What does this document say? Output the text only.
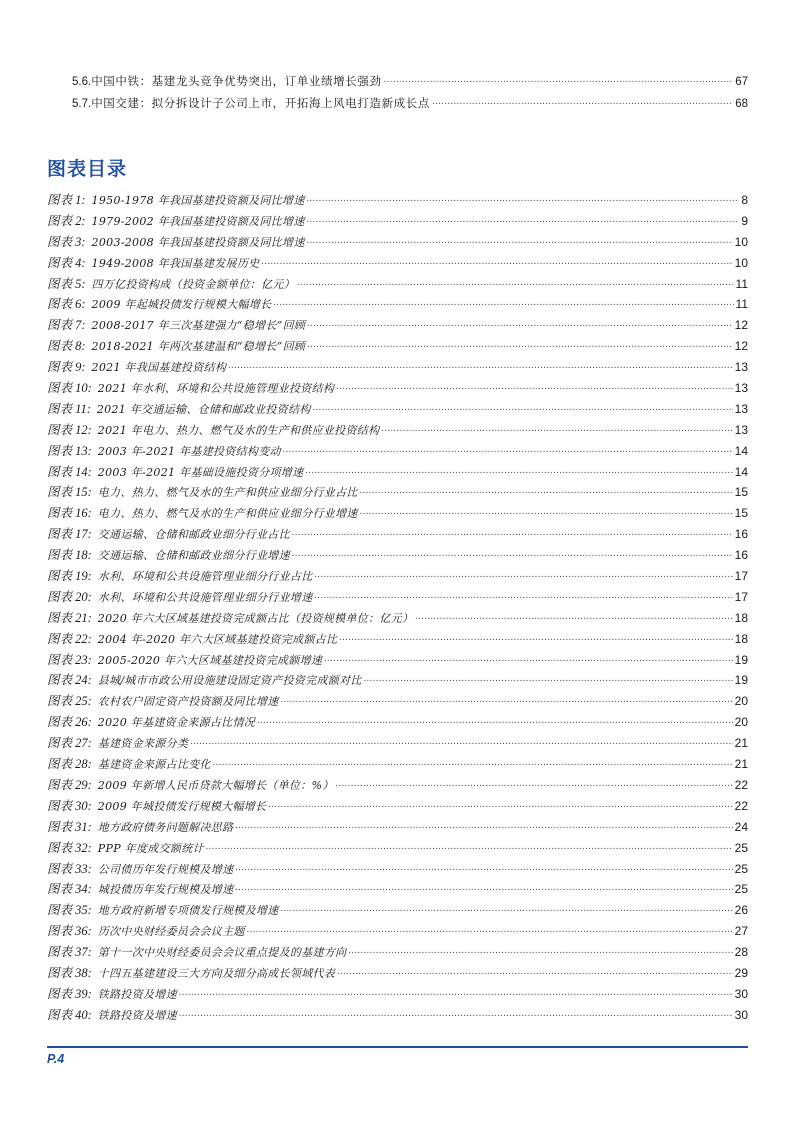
5.6. 中国中铁：基建龙头竞争优势突出，订单业绩增长强劲 .....	67
5.7. 中国交建：拟分拆设计子公司上市，开拓海上风电打造新成长点 .....	68
图表目录
图表 1: 1950-1978 年我国基建投资额及同比增速 .....	8
图表 2: 1979-2002 年我国基建投资额及同比增速 .....	9
图表 3: 2003-2008 年我国基建投资额及同比增速 .....	10
图表 4: 1949-2008 年我国基建发展历史 .....	10
图表 5: 四万亿投资构成（投资金额单位：亿元） .....	11
图表 6: 2009 年起城投债发行规模大幅增长 .....	11
图表 7: 2008-2017 年三次基建强力“稳增长”回顾 .....	12
图表 8: 2018-2021 年两次基建温和“稳增长”回顾 .....	12
图表 9: 2021 年我国基建投资结构 .....	13
图表 10: 2021 年水利、环境和公共设施管理业投资结构 .....	13
图表 11: 2021 年交通运输、仓储和邮政业投资结构 .....	13
图表 12: 2021 年电力、热力、燃气及水的生产和供应业投资结构 .....	13
图表 13: 2003 年-2021 年基建投资结构变动 .....	14
图表 14: 2003 年-2021 年基础设施投资分项增速 .....	14
图表 15: 电力、热力、燃气及水的生产和供应业细分行业占比 .....	15
图表 16: 电力、热力、燃气及水的生产和供应业细分行业增速 .....	15
图表 17: 交通运输、仓储和邮政业细分行业占比 .....	16
图表 18: 交通运输、仓储和邮政业细分行业增速 .....	16
图表 19: 水利、环境和公共设施管理业细分行业占比 .....	17
图表 20: 水利、环境和公共设施管理业细分行业增速 .....	17
图表 21: 2020 年六大区域基建投资完成额占比（投资规模单位：亿元） .....	18
图表 22: 2004 年-2020 年六大区域基建投资完成额占比 .....	18
图表 23: 2005-2020 年六大区域基建投资完成额增速 .....	19
图表 24: 县城/城市市政公用设施建设固定资产投资完成额对比 .....	19
图表 25: 农村农户固定资产投资额及同比增速 .....	20
图表 26: 2020 年基建资金来源占比情况 .....	20
图表 27: 基建资金来源分类 .....	21
图表 28: 基建资金来源占比变化 .....	21
图表 29: 2009 年新增人民币贷款大幅增长（单位：%） .....	22
图表 30: 2009 年城投债发行规模大幅增长 .....	22
图表 31: 地方政府债务问题解决思路 .....	24
图表 32: PPP 年度成交额统计 .....	25
图表 33: 公司债历年发行规模及增速 .....	25
图表 34: 城投债历年发行规模及增速 .....	25
图表 35: 地方政府新增专项债发行规模及增速 .....	26
图表 36: 历次中央财经委员会会议主题 .....	27
图表 37: 第十一次中央财经委员会会议重点提及的基建方向 .....	28
图表 38: 十四五基建建设三大方向及细分高成长领域代表 .....	29
图表 39: 铁路投资及增速 .....	30
图表 40: 铁路投资及增速 .....	30
P.4
